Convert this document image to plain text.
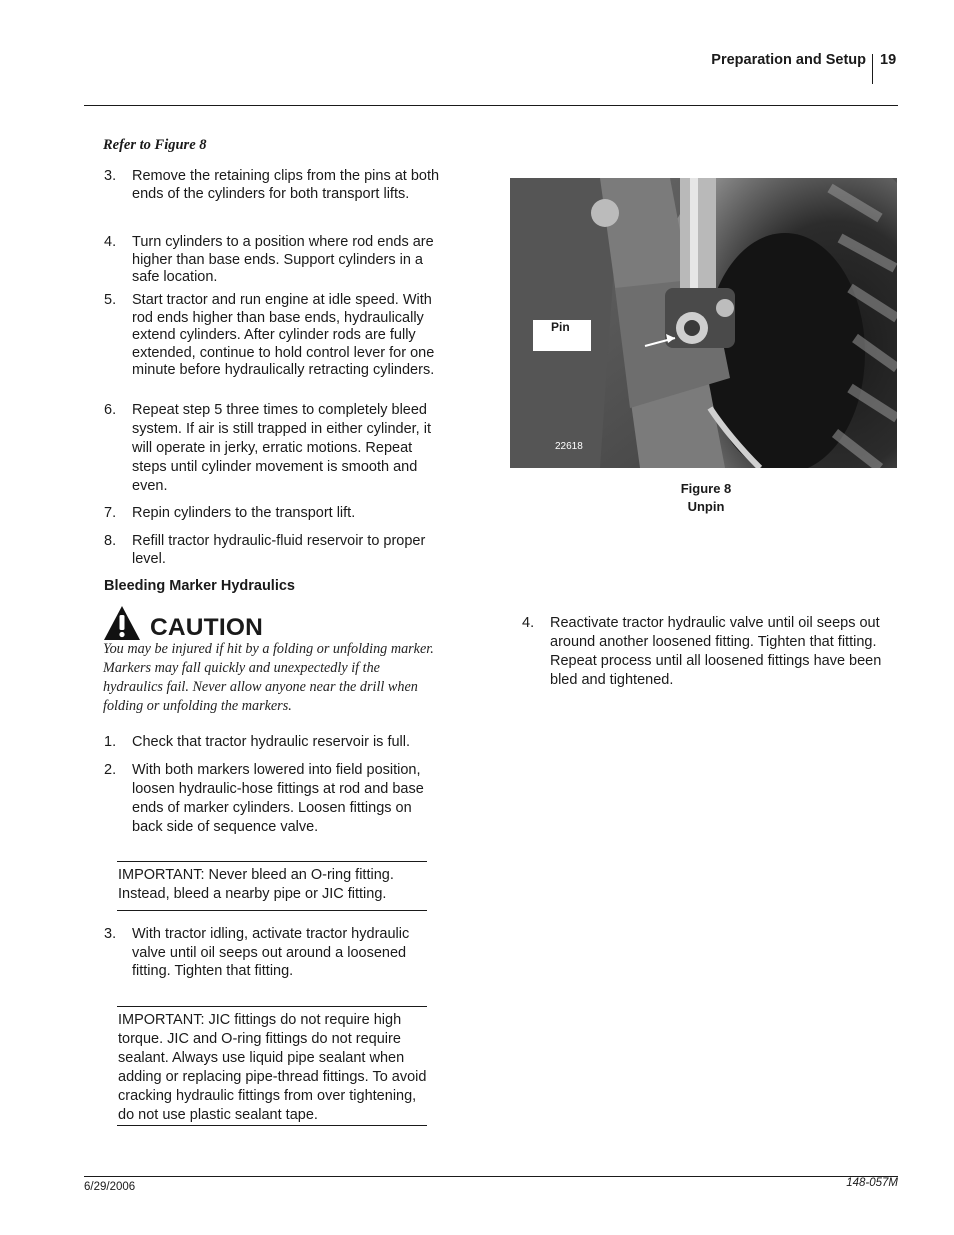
Preparation and Setup 19
Refer to Figure 8
3. Remove the retaining clips from the pins at both ends of the cylinders for both transport lifts.
4. Turn cylinders to a position where rod ends are higher than base ends. Support cylinders in a safe location.
5. Start tractor and run engine at idle speed. With rod ends higher than base ends, hydraulically extend cylinders. After cylinder rods are fully extended, continue to hold control lever for one minute before hydraulically retracting cylinders.
6. Repeat step 5 three times to completely bleed system. If air is still trapped in either cylinder, it will operate in jerky, erratic motions. Repeat steps until cylinder movement is smooth and even.
7. Repin cylinders to the transport lift.
8. Refill tractor hydraulic-fluid reservoir to proper level.
Bleeding Marker Hydraulics
CAUTION
You may be injured if hit by a folding or unfolding marker. Markers may fall quickly and unexpectedly if the hydraulics fail. Never allow anyone near the drill when folding or unfolding the markers.
1. Check that tractor hydraulic reservoir is full.
2. With both markers lowered into field position, loosen hydraulic-hose fittings at rod and base ends of marker cylinders. Loosen fittings on back side of sequence valve.
IMPORTANT: Never bleed an O-ring fitting. Instead, bleed a nearby pipe or JIC fitting.
3. With tractor idling, activate tractor hydraulic valve until oil seeps out around a loosened fitting. Tighten that fitting.
IMPORTANT: JIC fittings do not require high torque. JIC and O-ring fittings do not require sealant. Always use liquid pipe sealant when adding or replacing pipe-thread fittings. To avoid cracking hydraulic fittings from over tightening, do not use plastic sealant tape.
Pin
22618
Figure 8
Unpin
4. Reactivate tractor hydraulic valve until oil seeps out around another loosened fitting. Tighten that fitting. Repeat process until all loosened fittings have been bled and tightened.
6/29/2006	148-057M
